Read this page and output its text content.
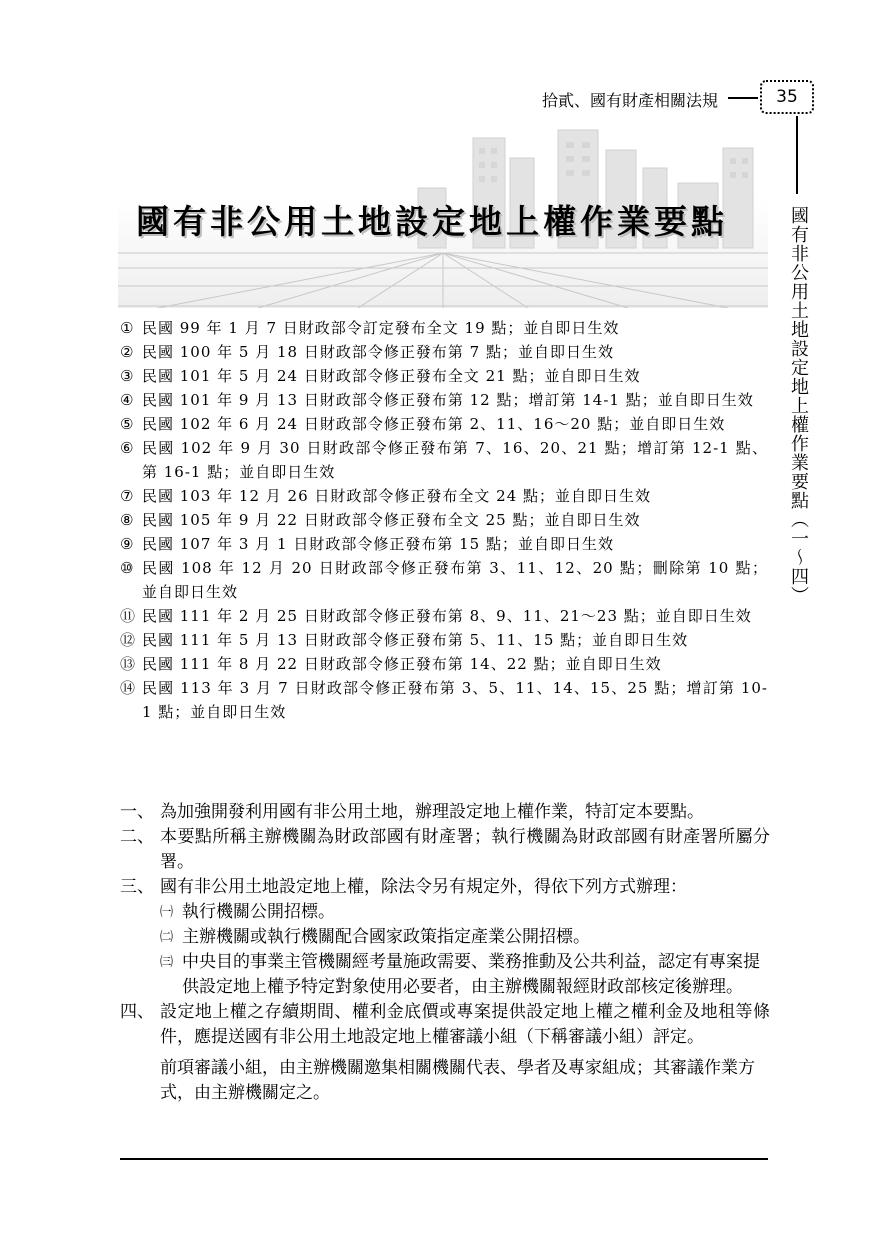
拾貳、國有財產相關法規	35
國有非公用土地設定地上權作業要點（一～四）
國有非公用土地設定地上權作業要點
① 民國 99 年 1 月 7 日財政部令訂定發布全文 19 點；並自即日生效
② 民國 100 年 5 月 18 日財政部令修正發布第 7 點；並自即日生效
③ 民國 101 年 5 月 24 日財政部令修正發布全文 21 點；並自即日生效
④ 民國 101 年 9 月 13 日財政部令修正發布第 12 點；增訂第 14-1 點；並自即日生效
⑤ 民國 102 年 6 月 24 日財政部令修正發布第 2、11、16～20 點；並自即日生效
⑥ 民國 102 年 9 月 30 日財政部令修正發布第 7、16、20、21 點；增訂第 12-1 點、第 16-1 點；並自即日生效
⑦ 民國 103 年 12 月 26 日財政部令修正發布全文 24 點；並自即日生效
⑧ 民國 105 年 9 月 22 日財政部令修正發布全文 25 點；並自即日生效
⑨ 民國 107 年 3 月 1 日財政部令修正發布第 15 點；並自即日生效
⑩ 民國 108 年 12 月 20 日財政部令修正發布第 3、11、12、20 點；刪除第 10 點；並自即日生效
⑪ 民國 111 年 2 月 25 日財政部令修正發布第 8、9、11、21～23 點；並自即日生效
⑫ 民國 111 年 5 月 13 日財政部令修正發布第 5、11、15 點；並自即日生效
⑬ 民國 111 年 8 月 22 日財政部令修正發布第 14、22 點；並自即日生效
⑭ 民國 113 年 3 月 7 日財政部令修正發布第 3、5、11、14、15、25 點；增訂第 10-1 點；並自即日生效
一、 為加強開發利用國有非公用土地，辦理設定地上權作業，特訂定本要點。
二、 本要點所稱主辦機關為財政部國有財產署；執行機關為財政部國有財產署所屬分署。
三、 國有非公用土地設定地上權，除法令另有規定外，得依下列方式辦理：
㈠ 執行機關公開招標。
㈡ 主辦機關或執行機關配合國家政策指定產業公開招標。
㈢ 中央目的事業主管機關經考量施政需要、業務推動及公共利益，認定有專案提供設定地上權予特定對象使用必要者，由主辦機關報經財政部核定後辦理。
四、 設定地上權之存續期間、權利金底價或專案提供設定地上權之權利金及地租等條件，應提送國有非公用土地設定地上權審議小組（下稱審議小組）評定。
前項審議小組，由主辦機關邀集相關機關代表、學者及專家組成；其審議作業方式，由主辦機關定之。
